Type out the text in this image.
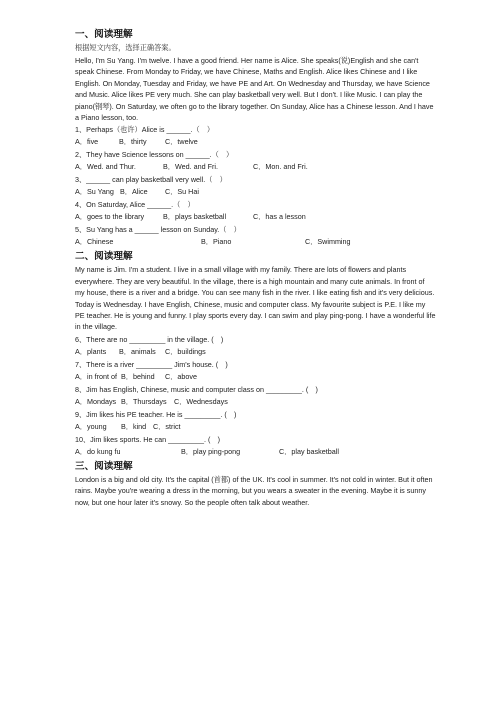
一、阅读理解
根据短文内容，选择正确答案。
Hello, I'm Su Yang. I'm twelve. I have a good friend. Her name is Alice. She speaks(说)English and she can't speak Chinese. From Monday to Friday, we have Chinese, Maths and English. Alice likes Chinese and I like English. On Monday, Tuesday and Friday, we have PE and Art. On Wednesday and Thursday, we have Science and Music. Alice likes PE very much. She can play basketball very well. But I don't. I like Music. I can play the piano(钢琴). On Saturday, we often go to the library together. On Sunday, Alice has a Chinese lesson. And I have a Piano lesson, too.
1、Perhaps（也许）Alice is ______.（　）
A．five	B．thirty	C．twelve
2、They have Science lessons on ______.（　）
A．Wed. and Thur.	B．Wed. and Fri.	C．Mon. and Fri.
3、______ can play basketball very well.（　）
A．Su Yang B．Alice	C．Su Hai
4、On Saturday, Alice ______.（　）
A．goes to the library	B．plays basketball	C．has a lesson
5、Su Yang has a ______ lesson on Sunday.（　）
A．Chinese	B．Piano	C．Swimming
二、阅读理解
My name is Jim. I'm a student. I live in a small village with my family. There are lots of flowers and plants everywhere. They are very beautiful. In the village, there is a high mountain and many cute animals. In front of my house, there is a river and a bridge. You can see many fish in the river. I like eating fish and it's very delicious. Today is Wednesday. I have English, Chinese, music and computer class. My favourite subject is P.E. I like my PE teacher. He is young and funny. I play sports every day. I can swim and play ping-pong. I have a wonderful life in the village.
6、There are no _________ in the village. (　)
A．plants	B．animals	C．buildings
7、There is a river _________ Jim's house. (　)
A．in front of B．behind	C．above
8、Jim has English, Chinese, music and computer class on _________. (　)
A．Mondays B．Thursdays	C．Wednesdays
9、Jim likes his PE teacher. He is _________. (　)
A．young	B．kind C．strict
10、Jim likes sports. He can _________. (　)
A．do kung fu	B．play ping-pong	C．play basketball
三、阅读理解
London is a big and old city. It's the capital (首都) of the UK. It's cool in summer. It's not cold in winter. But it often rains. Maybe you're wearing a dress in the morning, but you wears a sweater in the evening. Maybe it is sunny now, but one hour later it's snowy. So the people often talk about weather.
